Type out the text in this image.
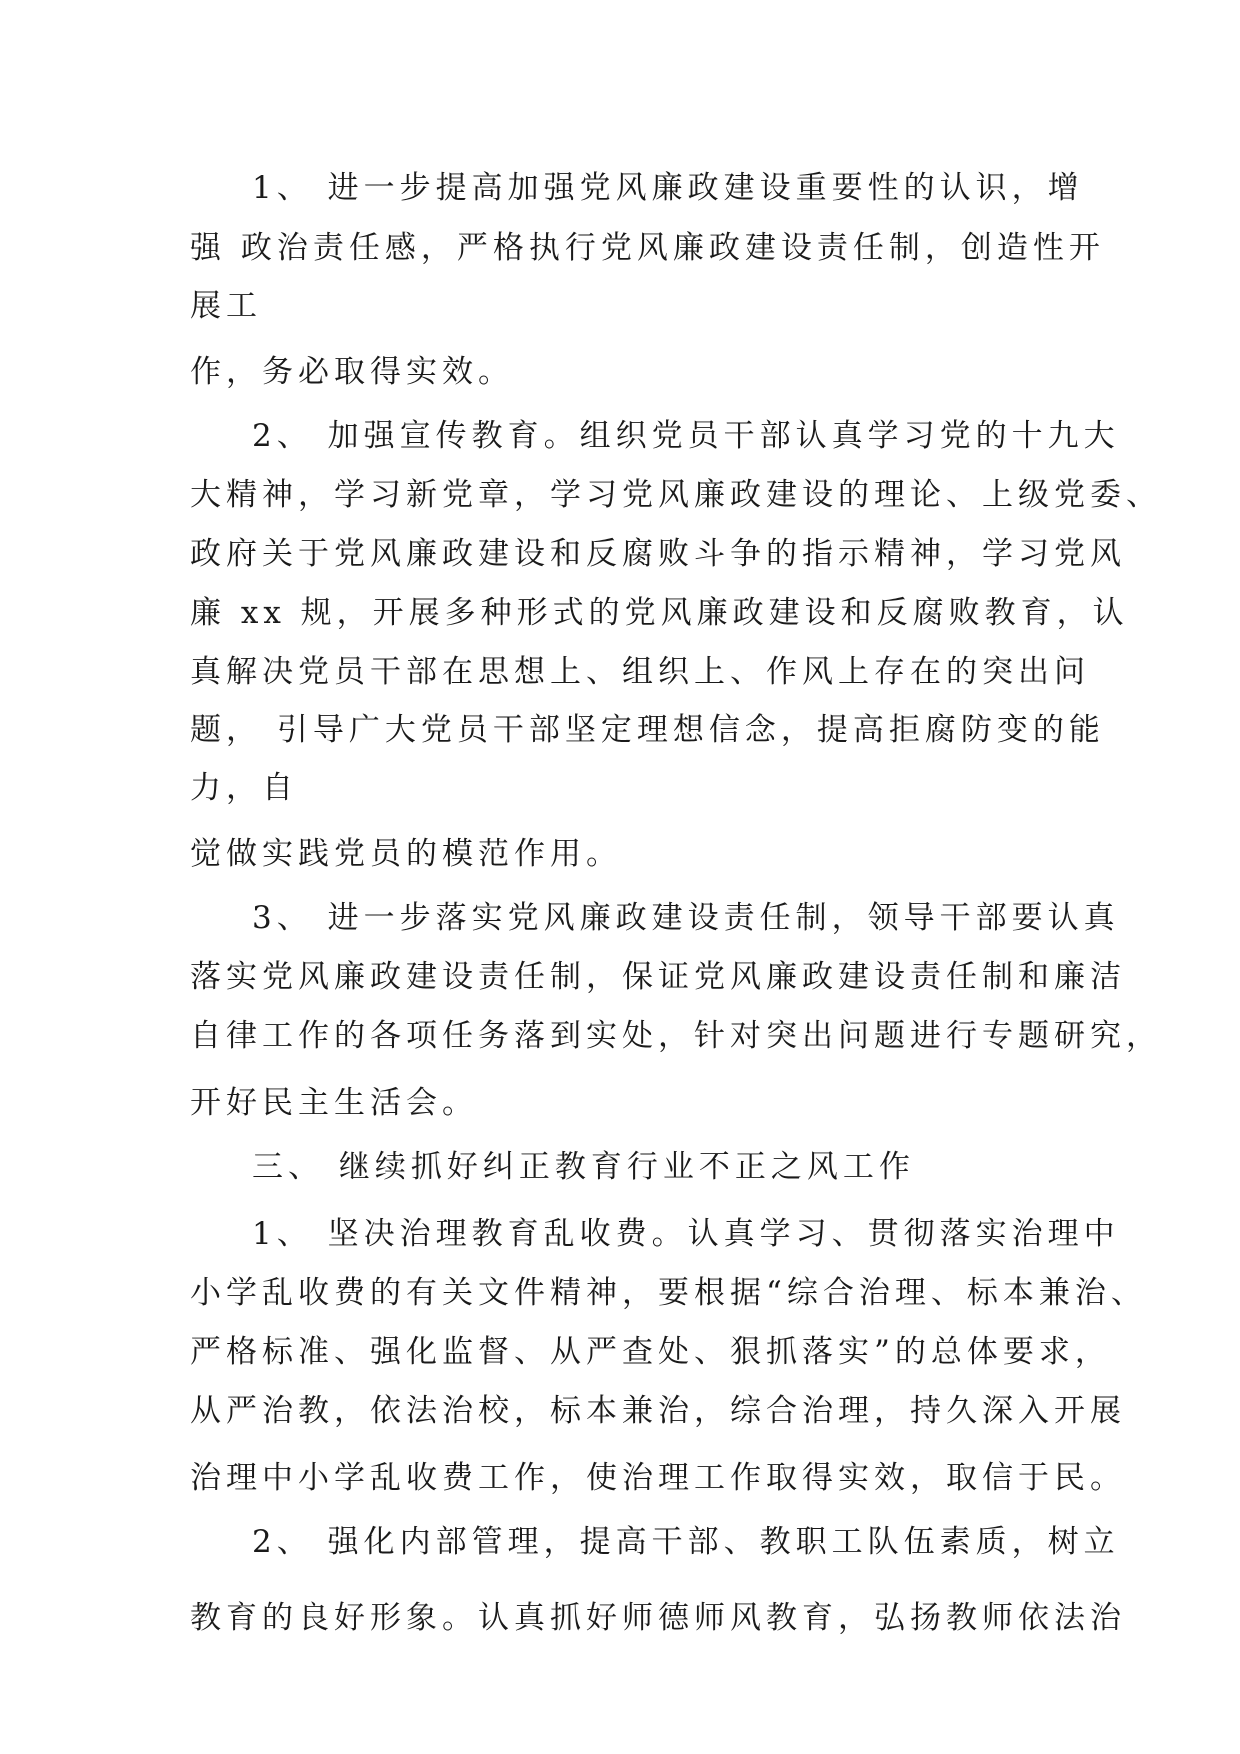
1、 进一步提高加强党风廉政建设重要性的认识，增
强 政治责任感，严格执行党风廉政建设责任制，创造性开
展工
作，务必取得实效。
2、 加强宣传教育。组织党员干部认真学习党的十九大
大精神，学习新党章，学习党风廉政建设的理论、上级党委、
政府关于党风廉政建设和反腐败斗争的指示精神，学习党风
廉 xx 规，开展多种形式的党风廉政建设和反腐败教育，认
真解决党员干部在思想上、组织上、作风上存在的突出问
题， 引导广大党员干部坚定理想信念，提高拒腐防变的能
力，自
觉做实践党员的模范作用。
3、 进一步落实党风廉政建设责任制，领导干部要认真
落实党风廉政建设责任制，保证党风廉政建设责任制和廉洁
自律工作的各项任务落到实处，针对突出问题进行专题研究，
开好民主生活会。
三、 继续抓好纠正教育行业不正之风工作
1、 坚决治理教育乱收费。认真学习、贯彻落实治理中
小学乱收费的有关文件精神，要根据“综合治理、标本兼治、
严格标准、强化监督、从严查处、狠抓落实”的总体要求，
从严治教，依法治校，标本兼治，综合治理，持久深入开展
治理中小学乱收费工作，使治理工作取得实效，取信于民。
2、 强化内部管理，提高干部、教职工队伍素质，树立
教育的良好形象。认真抓好师德师风教育，弘扬教师依法治
